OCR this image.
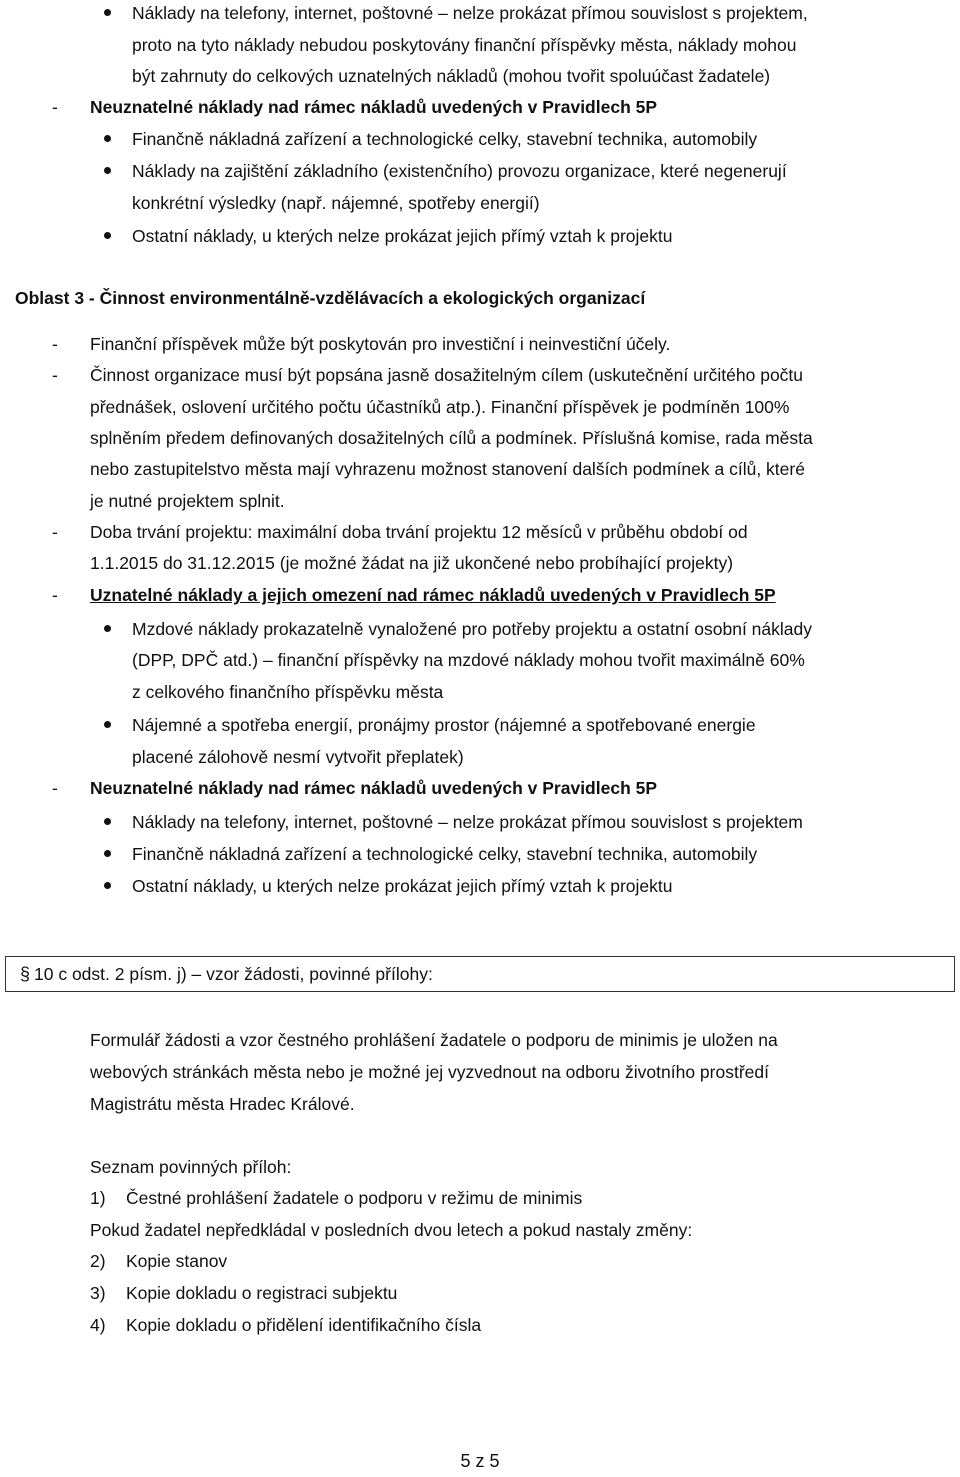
Náklady na telefony, internet, poštovné – nelze prokázat přímou souvislost s projektem,
proto na tyto náklady nebudou poskytovány finanční příspěvky města, náklady mohou
být zahrnuty do celkových uznatelných nákladů (mohou tvořit spoluúčast žadatele)
- Neuznatelné náklady nad rámec nákladů uvedených v Pravidlech 5P
Finančně nákladná zařízení a technologické celky, stavební technika, automobily
Náklady na zajištění základního (existenčního) provozu organizace, které negenerují
konkrétní výsledky (např. nájemné, spotřeby energií)
Ostatní náklady, u kterých nelze prokázat jejich přímý vztah k projektu
Oblast 3 - Činnost environmentálně-vzdělávacích a ekologických organizací
- Finanční příspěvek může být poskytován pro investiční i neinvestiční účely.
- Činnost organizace musí být popsána jasně dosažitelným cílem (uskutečnění určitého počtu
přednášek, oslovení určitého počtu účastníků atp.). Finanční příspěvek je podmíněn 100%
splněním předem definovaných dosažitelných cílů a podmínek. Příslušná komise, rada města
nebo zastupitelstvo města mají vyhrazenu možnost stanovení dalších podmínek a cílů, které
je nutné projektem splnit.
- Doba trvání projektu: maximální doba trvání projektu 12 měsíců v průběhu období od
1.1.2015 do 31.12.2015 (je možné žádat na již ukončené nebo probíhající projekty)
- Uznatelné náklady a jejich omezení nad rámec nákladů uvedených v Pravidlech 5P
Mzdové náklady prokazatelně vynaložené pro potřeby projektu a ostatní osobní náklady
(DPP, DPČ atd.) – finanční příspěvky na mzdové náklady mohou tvořit maximálně 60%
z celkového finančního příspěvku města
Nájemné a spotřeba energií, pronájmy prostor (nájemné a spotřebované energie
placené zálohově nesmí vytvořit přeplatek)
- Neuznatelné náklady nad rámec nákladů uvedených v Pravidlech 5P
Náklady na telefony, internet, poštovné – nelze prokázat přímou souvislost s projektem
Finančně nákladná zařízení a technologické celky, stavební technika, automobily
Ostatní náklady, u kterých nelze prokázat jejich přímý vztah k projektu
§ 10 c odst. 2 písm. j) – vzor žádosti, povinné přílohy:
Formulář žádosti a vzor čestného prohlášení žadatele o podporu de minimis je uložen na
webových stránkách města nebo je možné jej vyzvednout na odboru životního prostředí
Magistrátu města Hradec Králové.
Seznam povinných příloh:
1) Čestné prohlášení žadatele o podporu v režimu de minimis
Pokud žadatel nepředkládal v posledních dvou letech a pokud nastaly změny:
2) Kopie stanov
3) Kopie dokladu o registraci subjektu
4) Kopie dokladu o přidělení identifikačního čísla
5 z 5
